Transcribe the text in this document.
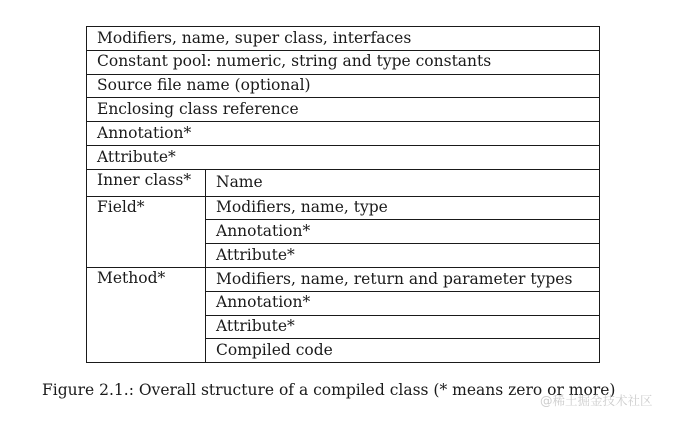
Modifiers, name, super class, interfaces	
Constant pool: numeric, string and type constants	
Source file name (optional)	
Enclosing class reference	
Annotation*	
Attribute*	
Inner class*	Name
Field*	Modifiers, name, type
	Annotation*
	Attribute*
Method*	Modifiers, name, return and parameter types
	Annotation*
	Attribute*
	Compiled code
Figure 2.1.: Overall structure of a compiled class (* means zero or more)
@稀土掘金技术社区
